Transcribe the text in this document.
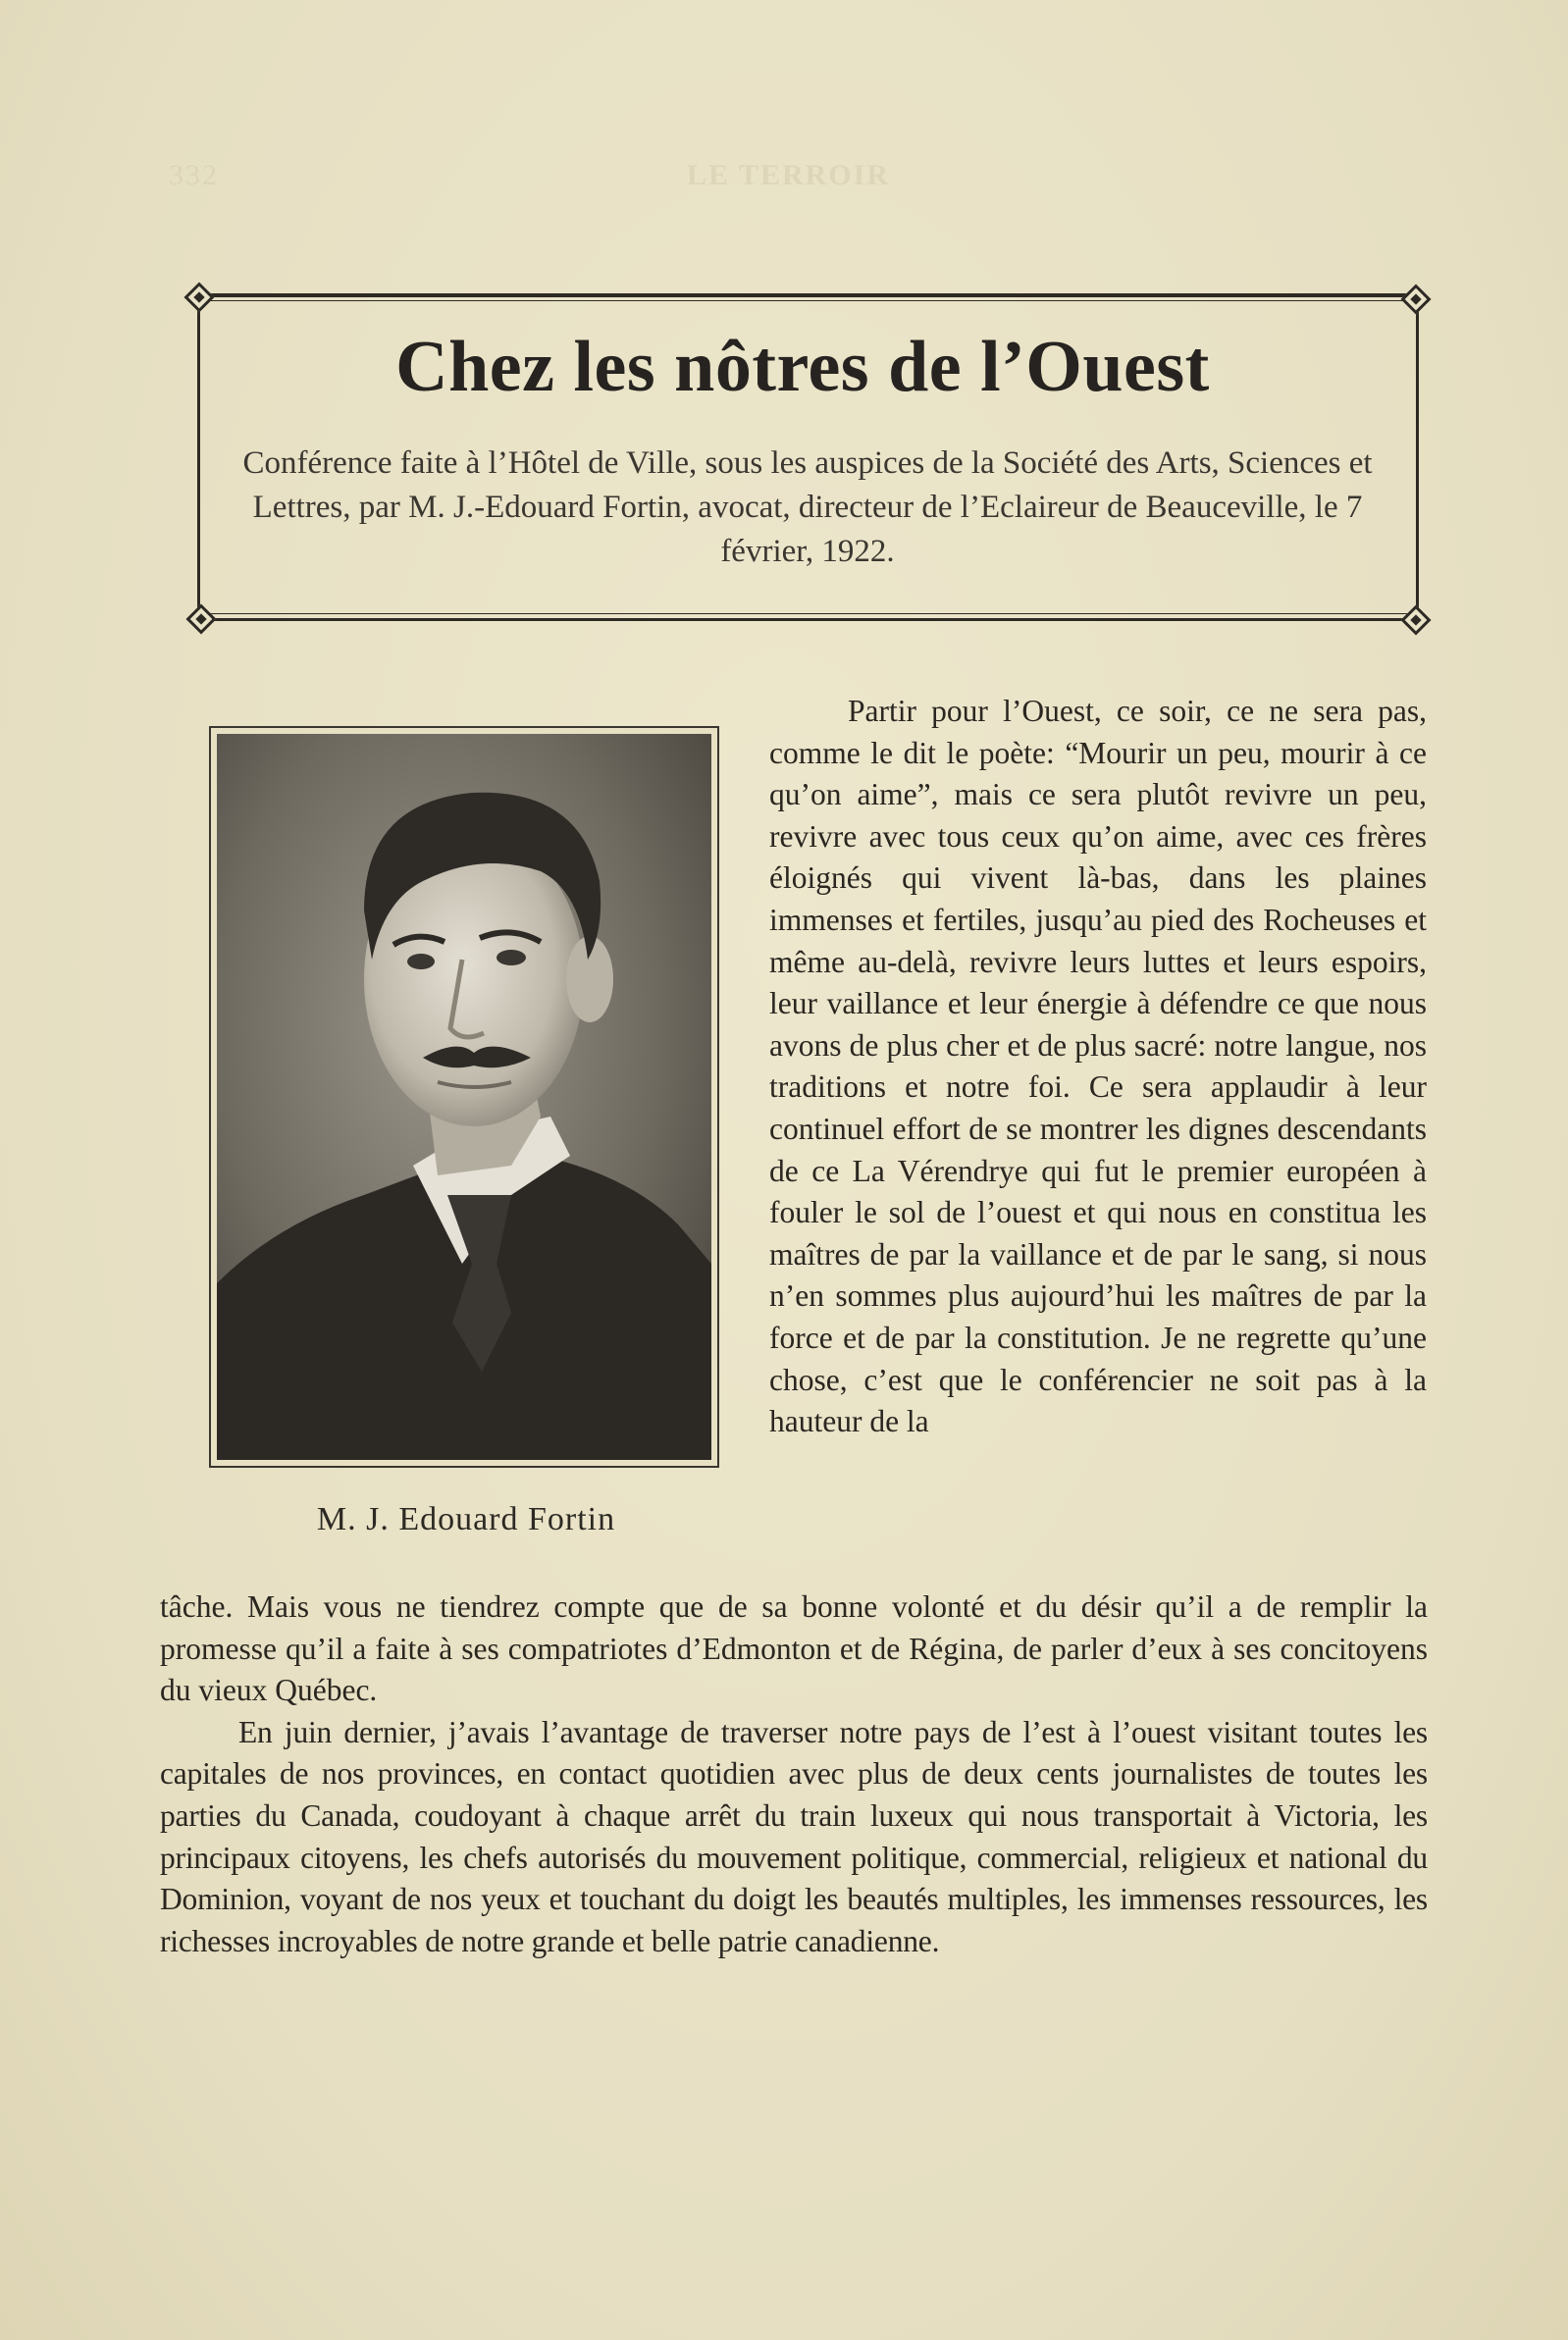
332	LE TERROIR
Chez les nôtres de l’Ouest
Conférence faite à l’Hôtel de Ville, sous les auspices de la Société des Arts, Sciences et Lettres, par M. J.-Edouard Fortin, avocat, directeur de l’Eclaireur de Beauceville, le 7 février, 1922.
M. J. Edouard Fortin

Partir pour l’Ouest, ce soir, ce ne sera pas, comme le dit le poète: “Mourir un peu, mourir à ce qu’on aime”, mais ce sera plutôt revivre un peu, revivre avec tous ceux qu’on aime, avec ces frères éloignés qui vivent là-bas, dans les plaines immenses et fertiles, jusqu’au pied des Rocheuses et même au-delà, revivre leurs luttes et leurs espoirs, leur vaillance et leur énergie à défendre ce que nous avons de plus cher et de plus sacré: notre langue, nos traditions et notre foi. Ce sera applaudir à leur continuel effort de se montrer les dignes descendants de ce La Vérendrye qui fut le premier européen à fouler le sol de l’ouest et qui nous en constitua les maîtres de par la vaillance et de par le sang, si nous n’en sommes plus aujourd’hui les maîtres de par la force et de par la constitution. Je ne regrette qu’une chose, c’est que le conférencier ne soit pas à la hauteur de la

tâche. Mais vous ne tiendrez compte que de sa bonne volonté et du désir qu’il a de remplir la promesse qu’il a faite à ses compatriotes d’Edmonton et de Régina, de parler d’eux à ses concitoyens du vieux Québec.

En juin dernier, j’avais l’avantage de traverser notre pays de l’est à l’ouest visitant toutes les capitales de nos provinces, en contact quotidien avec plus de deux cents journalistes de toutes les parties du Canada, coudoyant à chaque arrêt du train luxeux qui nous transportait à Victoria, les principaux citoyens, les chefs autorisés du mouvement politique, commercial, religieux et national du Dominion, voyant de nos yeux et touchant du doigt les beautés multiples, les immenses ressources, les richesses incroyables de notre grande et belle patrie canadienne.
